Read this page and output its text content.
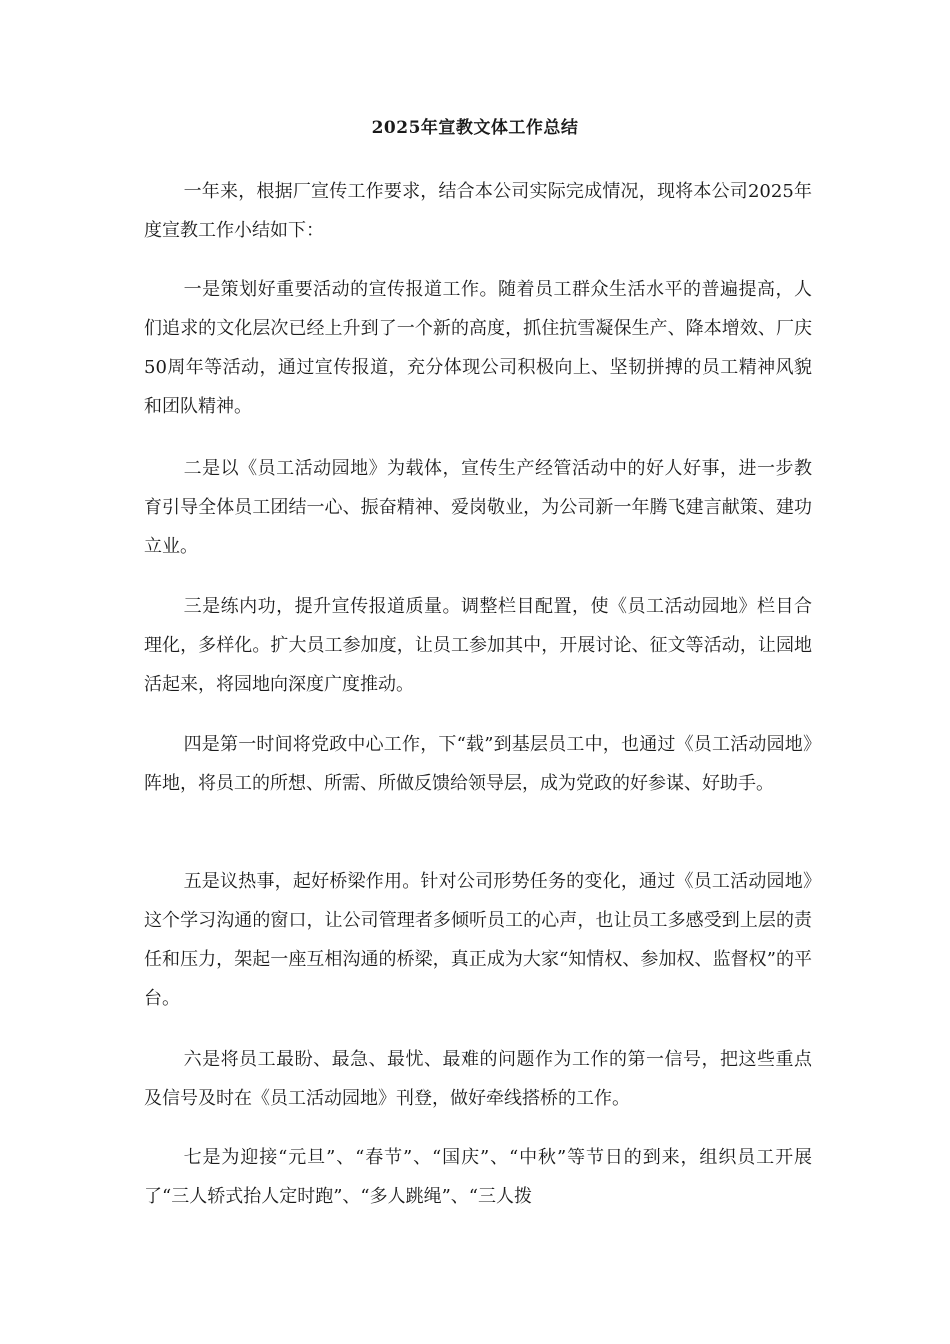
2025年宣教文体工作总结
一年来，根据厂宣传工作要求，结合本公司实际完成情况，现将本公司2025年度宣教工作小结如下：
一是策划好重要活动的宣传报道工作。随着员工群众生活水平的普遍提高，人们追求的文化层次已经上升到了一个新的高度，抓住抗雪凝保生产、降本增效、厂庆50周年等活动，通过宣传报道，充分体现公司积极向上、坚韧拼搏的员工精神风貌和团队精神。
二是以《员工活动园地》为载体，宣传生产经管活动中的好人好事，进一步教育引导全体员工团结一心、振奋精神、爱岗敬业，为公司新一年腾飞建言献策、建功立业。
三是练内功，提升宣传报道质量。调整栏目配置，使《员工活动园地》栏目合理化，多样化。扩大员工参加度，让员工参加其中，开展讨论、征文等活动，让园地活起来，将园地向深度广度推动。
四是第一时间将党政中心工作，下“载”到基层员工中，也通过《员工活动园地》阵地，将员工的所想、所需、所做反馈给领导层，成为党政的好参谋、好助手。
五是议热事，起好桥梁作用。针对公司形势任务的变化，通过《员工活动园地》这个学习沟通的窗口，让公司管理者多倾听员工的心声，也让员工多感受到上层的责任和压力，架起一座互相沟通的桥梁，真正成为大家“知情权、参加权、监督权”的平台。
六是将员工最盼、最急、最忧、最难的问题作为工作的第一信号，把这些重点及信号及时在《员工活动园地》刊登，做好牵线搭桥的工作。
七是为迎接“元旦”、“春节”、“国庆”、“中秋”等节日的到来，组织员工开展了“三人轿式抬人定时跑”、“多人跳绳”、“三人拨
